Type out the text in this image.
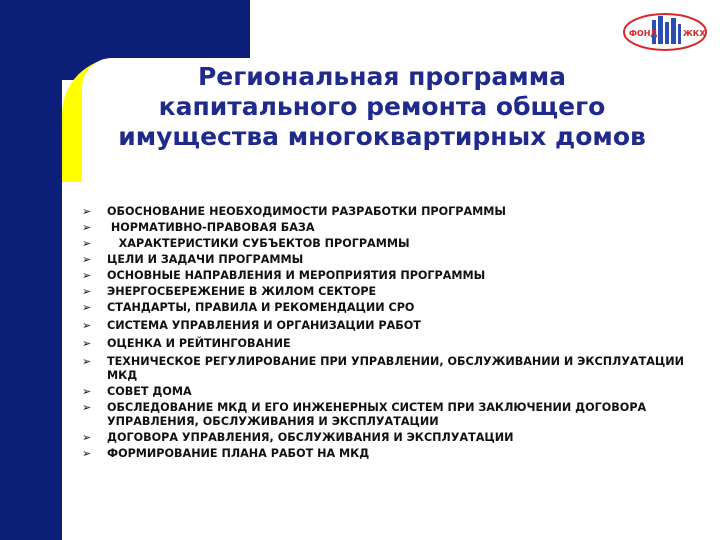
ФОНД	ЖКХ
Региональная программа
капитального ремонта общего
имущества многоквартирных домов
➢ ОБОСНОВАНИЕ НЕОБХОДИМОСТИ РАЗРАБОТКИ ПРОГРАММЫ
➢ НОРМАТИВНО-ПРАВОВАЯ БАЗА
➢ ХАРАКТЕРИСТИКИ СУБЪЕКТОВ ПРОГРАММЫ
➢ ЦЕЛИ И ЗАДАЧИ ПРОГРАММЫ
➢ ОСНОВНЫЕ НАПРАВЛЕНИЯ И МЕРОПРИЯТИЯ ПРОГРАММЫ
➢ ЭНЕРГОСБЕРЕЖЕНИЕ В ЖИЛОМ СЕКТОРЕ
➢ СТАНДАРТЫ, ПРАВИЛА И РЕКОМЕНДАЦИИ СРО
➢ СИСТЕМА УПРАВЛЕНИЯ И ОРГАНИЗАЦИИ РАБОТ
➢ ОЦЕНКА И РЕЙТИНГОВАНИЕ
➢ ТЕХНИЧЕСКОЕ РЕГУЛИРОВАНИЕ ПРИ УПРАВЛЕНИИ, ОБСЛУЖИВАНИИ И ЭКСПЛУАТАЦИИ МКД
➢ СОВЕТ ДОМА
➢ ОБСЛЕДОВАНИЕ МКД И ЕГО ИНЖЕНЕРНЫХ СИСТЕМ ПРИ ЗАКЛЮЧЕНИИ ДОГОВОРА УПРАВЛЕНИЯ, ОБСЛУЖИВАНИЯ И ЭКСПЛУАТАЦИИ
➢ ДОГОВОРА УПРАВЛЕНИЯ, ОБСЛУЖИВАНИЯ И ЭКСПЛУАТАЦИИ
➢ ФОРМИРОВАНИЕ ПЛАНА РАБОТ НА МКД
